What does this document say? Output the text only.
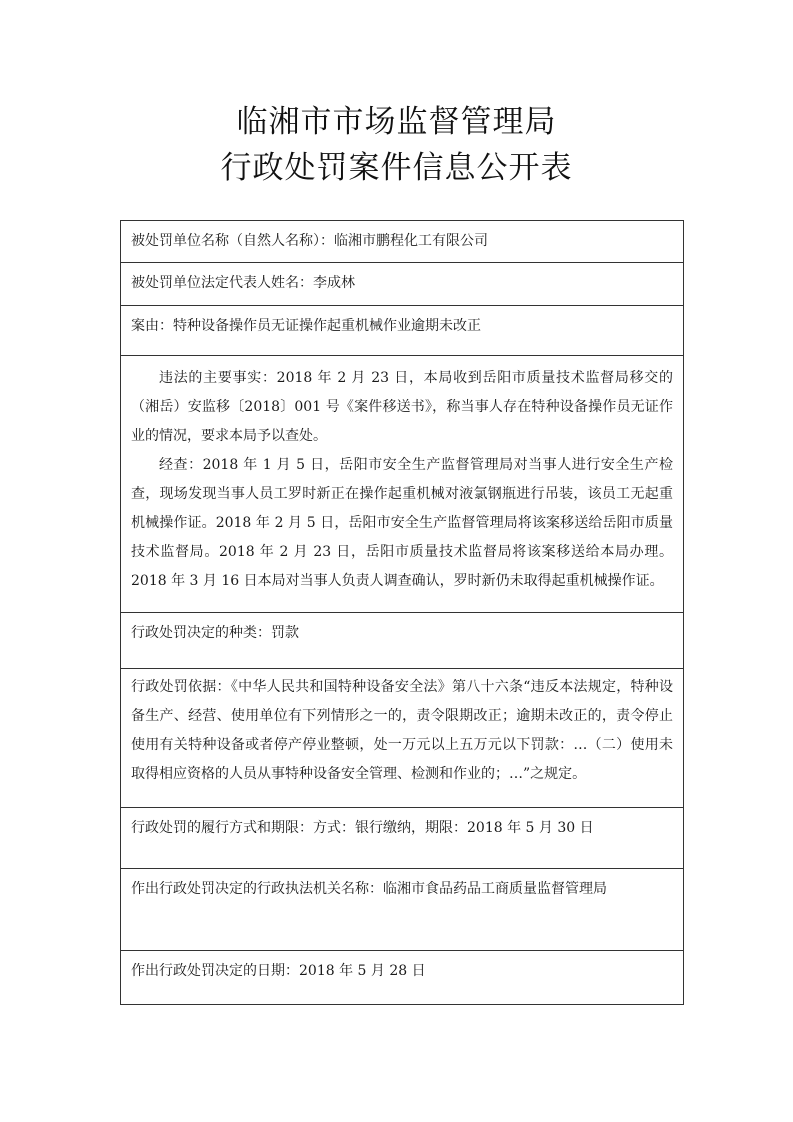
临湘市市场监督管理局
行政处罚案件信息公开表
被处罚单位名称（自然人名称）：临湘市鹏程化工有限公司
被处罚单位法定代表人姓名：李成林
案由：特种设备操作员无证操作起重机械作业逾期未改正
违法的主要事实：2018 年 2 月 23 日，本局收到岳阳市质量技术监督局移交的（湘岳）安监移〔2018〕001 号《案件移送书》，称当事人存在特种设备操作员无证作业的情况，要求本局予以查处。
经查：2018 年 1 月 5 日，岳阳市安全生产监督管理局对当事人进行安全生产检查，现场发现当事人员工罗时新正在操作起重机械对液氯钢瓶进行吊装，该员工无起重机械操作证。2018 年 2 月 5 日，岳阳市安全生产监督管理局将该案移送给岳阳市质量技术监督局。2018 年 2 月 23 日，岳阳市质量技术监督局将该案移送给本局办理。2018 年 3 月 16 日本局对当事人负责人调查确认，罗时新仍未取得起重机械操作证。
行政处罚决定的种类：罚款
行政处罚依据：《中华人民共和国特种设备安全法》第八十六条“违反本法规定，特种设备生产、经营、使用单位有下列情形之一的，责令限期改正；逾期未改正的，责令停止使用有关特种设备或者停产停业整顿，处一万元以上五万元以下罚款：…（二）使用未取得相应资格的人员从事特种设备安全管理、检测和作业的；…”之规定。
行政处罚的履行方式和期限：方式：银行缴纳，期限：2018 年 5 月 30 日
作出行政处罚决定的行政执法机关名称：临湘市食品药品工商质量监督管理局
作出行政处罚决定的日期：2018 年 5 月 28 日
